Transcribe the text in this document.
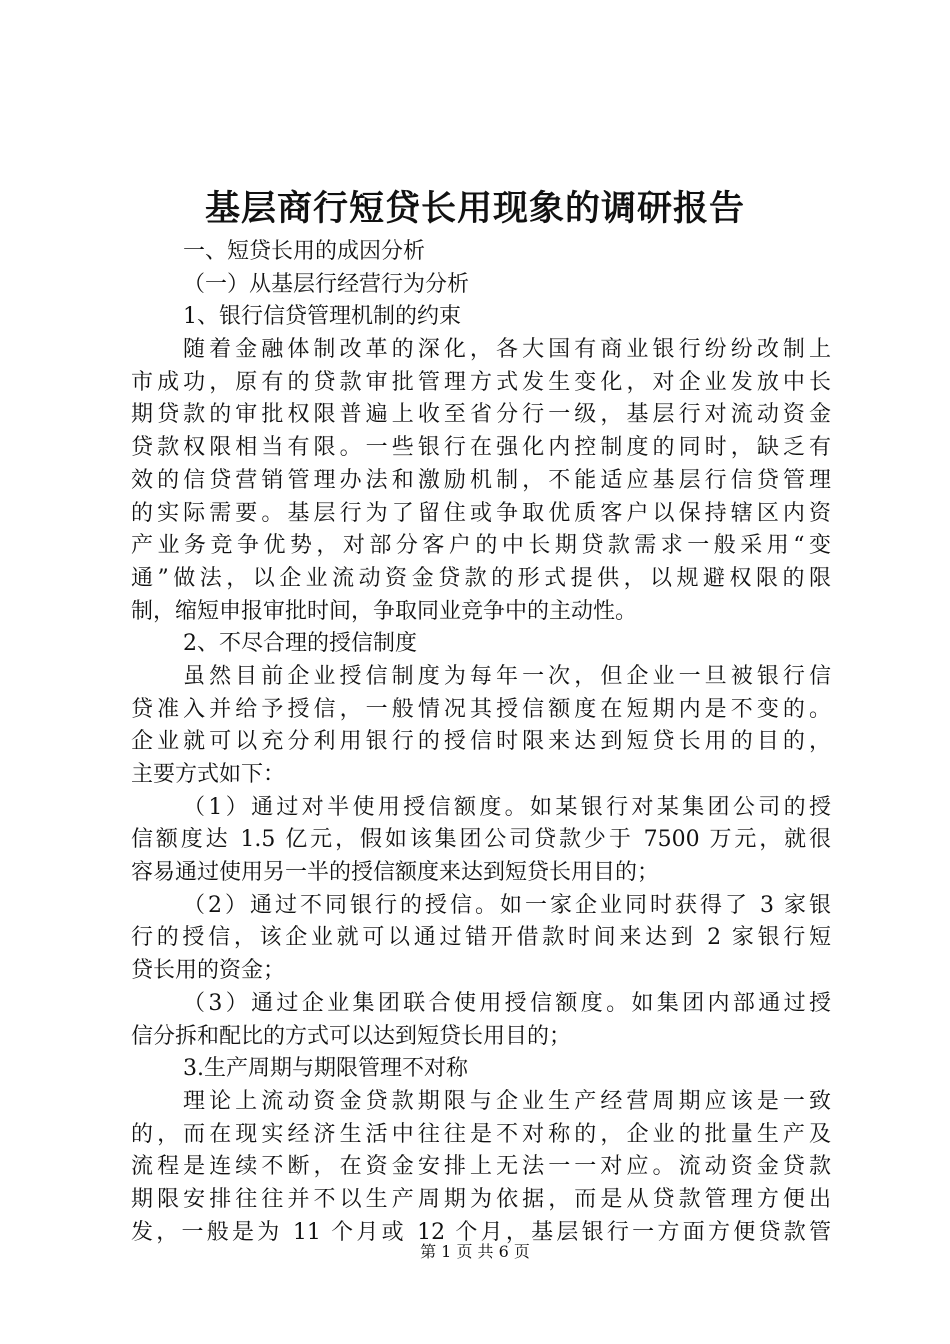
基层商行短贷长用现象的调研报告
一、短贷长用的成因分析
（一）从基层行经营行为分析
1、银行信贷管理机制的约束
随着金融体制改革的深化，各大国有商业银行纷纷改制上
市成功，原有的贷款审批管理方式发生变化，对企业发放中长
期贷款的审批权限普遍上收至省分行一级，基层行对流动资金
贷款权限相当有限。一些银行在强化内控制度的同时，缺乏有
效的信贷营销管理办法和激励机制，不能适应基层行信贷管理
的实际需要。基层行为了留住或争取优质客户以保持辖区内资
产业务竞争优势，对部分客户的中长期贷款需求一般采用“变
通”做法，以企业流动资金贷款的形式提供，以规避权限的限
制，缩短申报审批时间，争取同业竞争中的主动性。
2、不尽合理的授信制度
虽然目前企业授信制度为每年一次，但企业一旦被银行信
贷准入并给予授信，一般情况其授信额度在短期内是不变的。
企业就可以充分利用银行的授信时限来达到短贷长用的目的，
主要方式如下：
（1）通过对半使用授信额度。如某银行对某集团公司的授
信额度达 1.5 亿元，假如该集团公司贷款少于 7500 万元，就很
容易通过使用另一半的授信额度来达到短贷长用目的；
（2）通过不同银行的授信。如一家企业同时获得了 3 家银
行的授信，该企业就可以通过错开借款时间来达到 2 家银行短
贷长用的资金；
（3）通过企业集团联合使用授信额度。如集团内部通过授
信分拆和配比的方式可以达到短贷长用目的；
3.生产周期与期限管理不对称
理论上流动资金贷款期限与企业生产经营周期应该是一致
的，而在现实经济生活中往往是不对称的，企业的批量生产及
流程是连续不断，在资金安排上无法一一对应。流动资金贷款
期限安排往往并不以生产周期为依据，而是从贷款管理方便出
发，一般是为 11 个月或 12 个月，基层银行一方面方便贷款管
第 1 页 共 6 页
